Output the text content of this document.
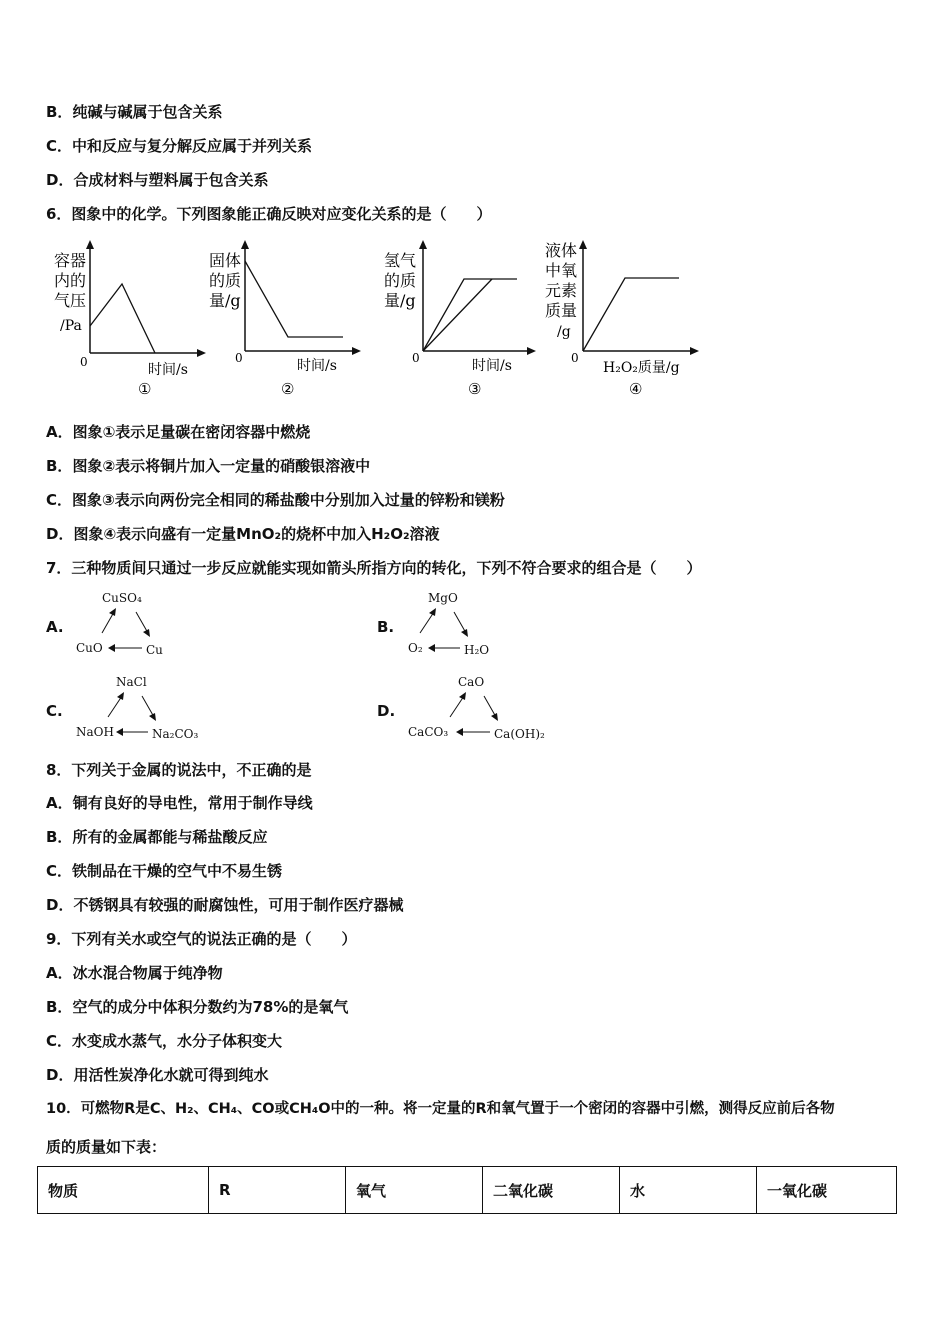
B．纯碱与碱属于包含关系
C．中和反应与复分解反应属于并列关系
D．合成材料与塑料属于包含关系
6．图象中的化学。下列图象能正确反映对应变化关系的是（　　）
容器
内的
气压
/Pa
0	时间/s
①
固体
的质
量/g
0	时间/s
②
氢气
的质
量/g
0	时间/s
③
液体
中氧
元素
质量
/g
0
H₂O₂质量/g
④
A．图象①表示足量碳在密闭容器中燃烧
B．图象②表示将铜片加入一定量的硝酸银溶液中
C．图象③表示向两份完全相同的稀盐酸中分别加入过量的锌粉和镁粉
D．图象④表示向盛有一定量MnO₂的烧杯中加入H₂O₂溶液
7．三种物质间只通过一步反应就能实现如箭头所指方向的转化，下列不符合要求的组合是（　　）
A.
CuSO₄
CuO	Cu
B.
MgO
O₂	H₂O
C.
NaCl
NaOH	Na₂CO₃
D.
CaO
CaCO₃	Ca(OH)₂
8．下列关于金属的说法中，不正确的是
A．铜有良好的导电性，常用于制作导线
B．所有的金属都能与稀盐酸反应
C．铁制品在干燥的空气中不易生锈
D．不锈钢具有较强的耐腐蚀性，可用于制作医疗器械
9．下列有关水或空气的说法正确的是（　　）
A．冰水混合物属于纯净物
B．空气的成分中体积分数约为78%的是氧气
C．水变成水蒸气，水分子体积变大
D．用活性炭净化水就可得到纯水
10．可燃物R是C、H₂、CH₄、CO或CH₄O中的一种。将一定量的R和氧气置于一个密闭的容器中引燃，测得反应前后各物
质的质量如下表：
物质	R	氧气	二氧化碳	水	一氧化碳
